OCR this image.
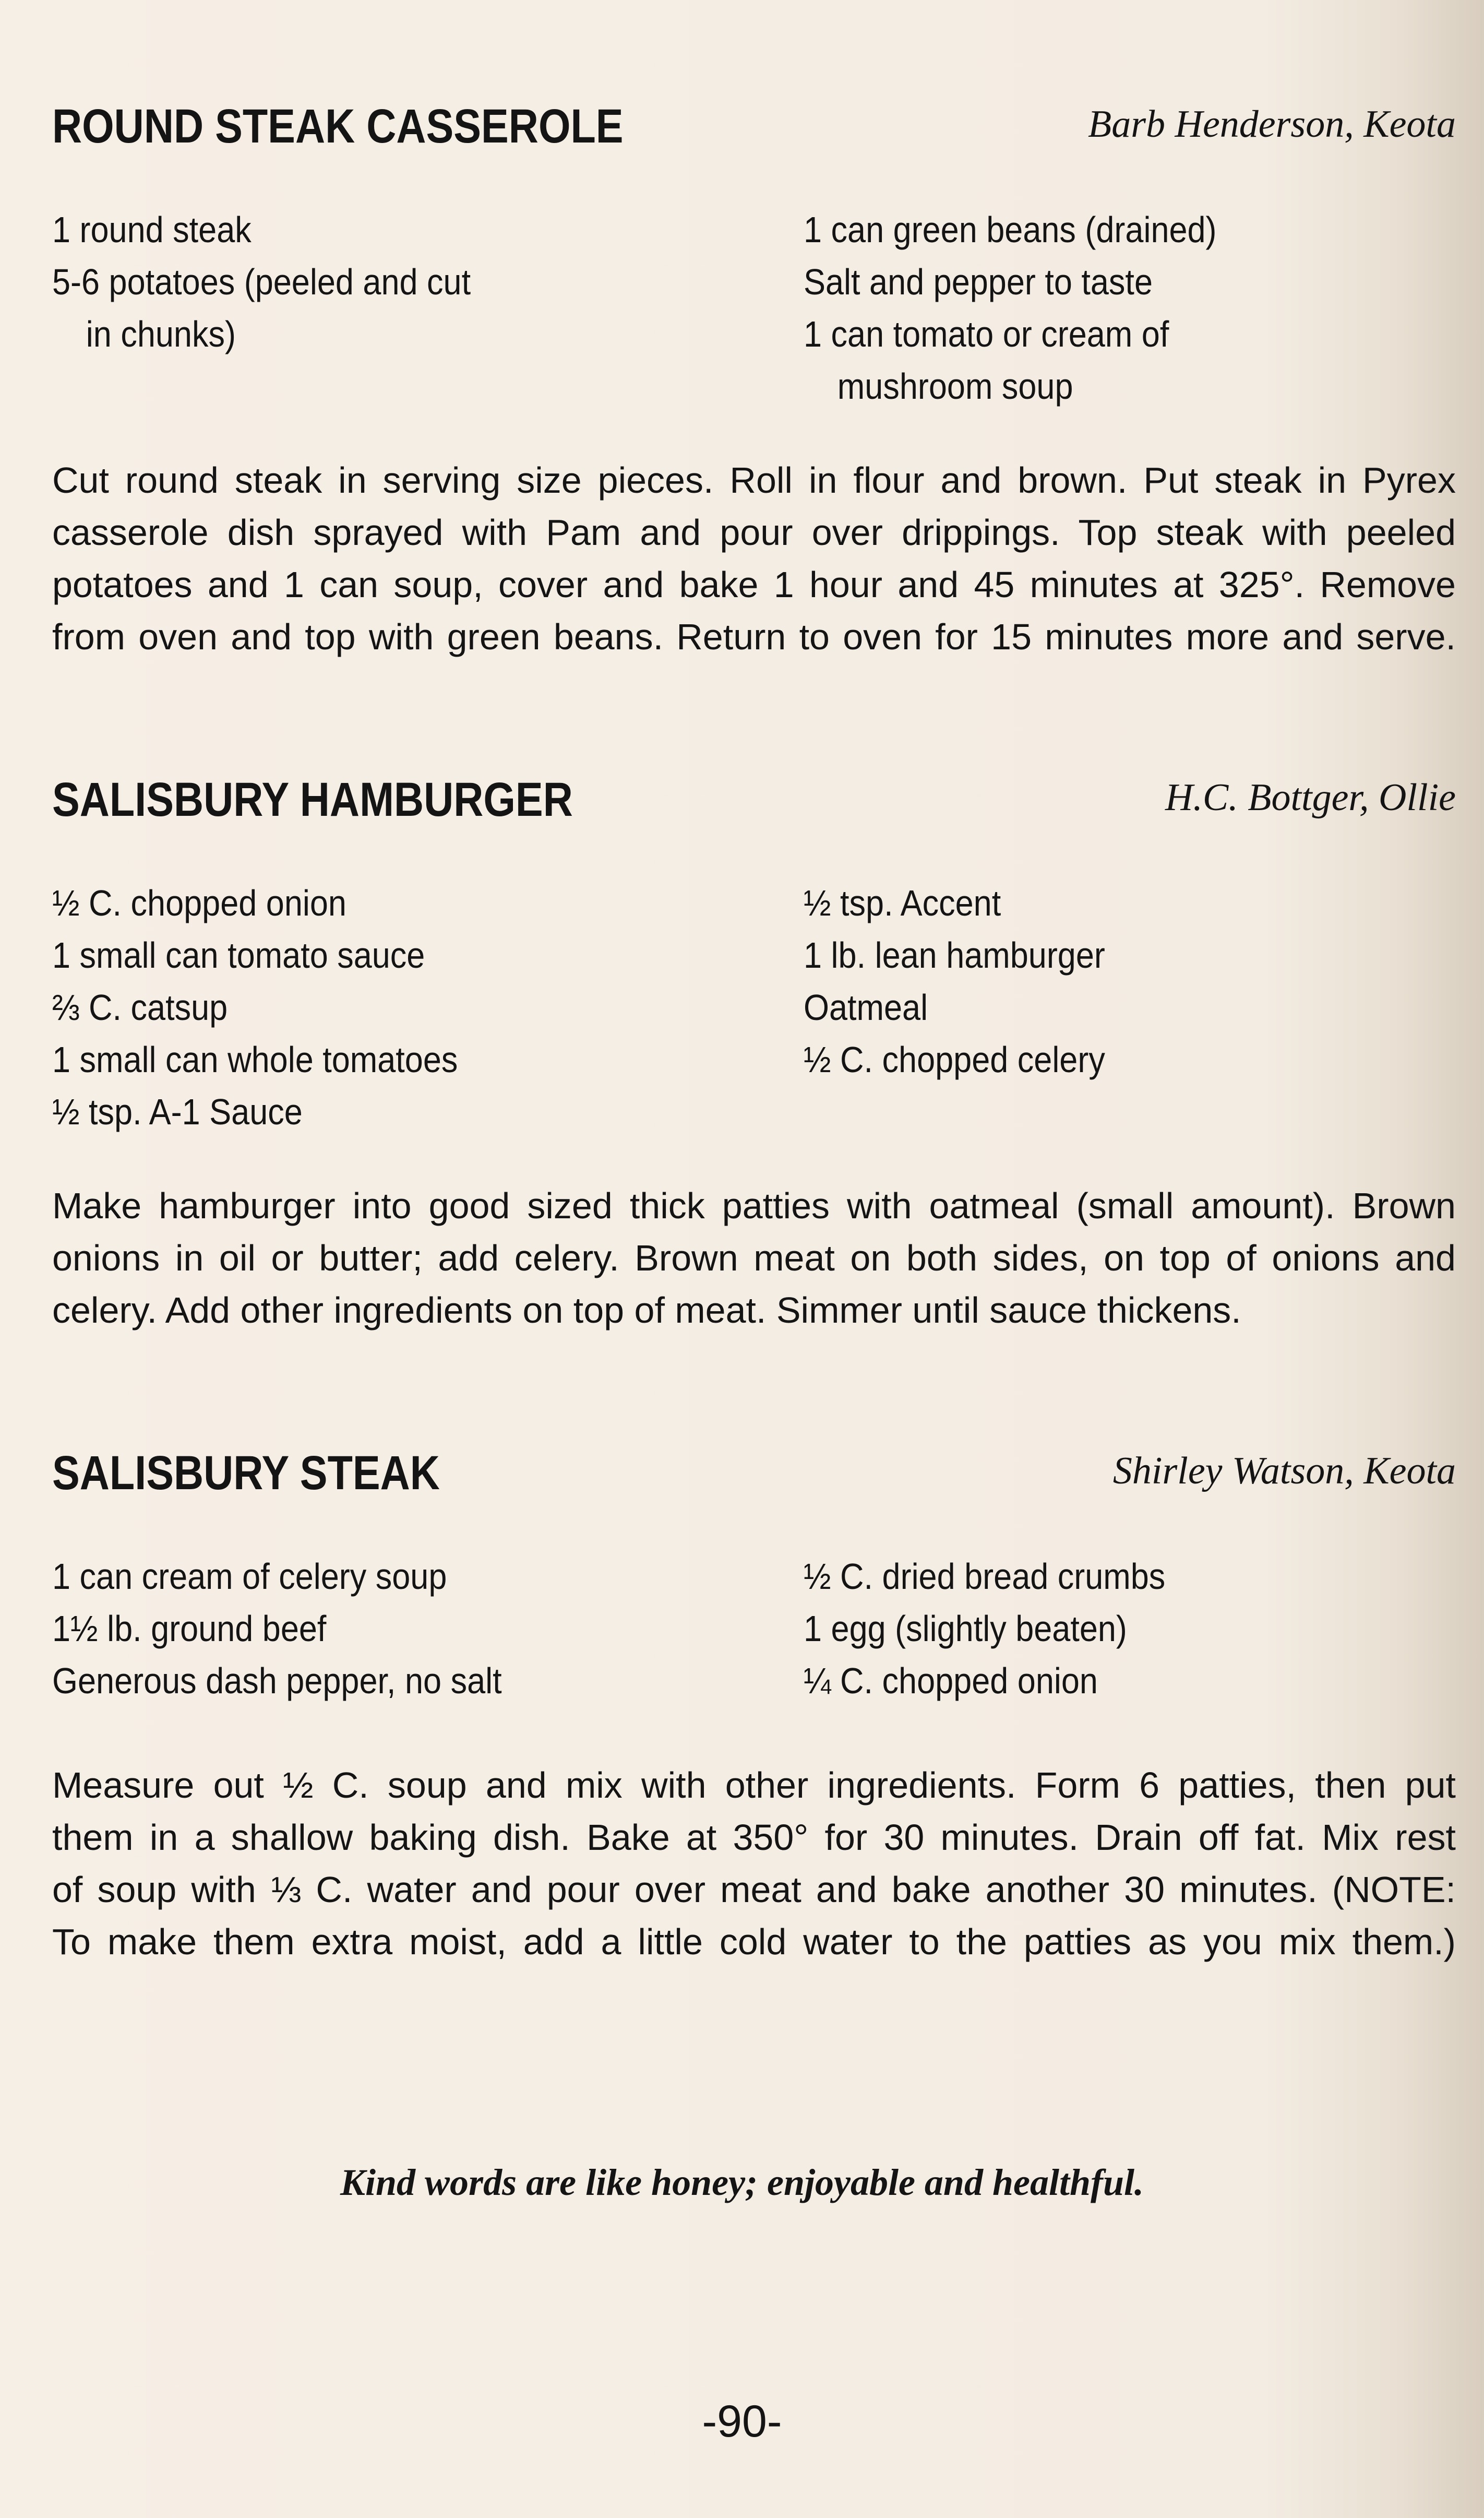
ROUND STEAK CASSEROLE	Barb Henderson, Keota
1 round steak
5-6 potatoes (peeled and cut
in chunks)
1 can green beans (drained)
Salt and pepper to taste
1 can tomato or cream of
mushroom soup
Cut round steak in serving size pieces. Roll in flour and brown. Put steak in Pyrex
casserole dish sprayed with Pam and pour over drippings. Top steak with peeled
potatoes and 1 can soup, cover and bake 1 hour and 45 minutes at 325°. Remove
from oven and top with green beans. Return to oven for 15 minutes more and serve.
SALISBURY HAMBURGER	H.C. Bottger, Ollie
½ C. chopped onion
1 small can tomato sauce
⅔ C. catsup
1 small can whole tomatoes
½ tsp. A-1 Sauce
½ tsp. Accent
1 lb. lean hamburger
Oatmeal
½ C. chopped celery
Make hamburger into good sized thick patties with oatmeal (small amount). Brown
onions in oil or butter; add celery. Brown meat on both sides, on top of onions and
celery. Add other ingredients on top of meat. Simmer until sauce thickens.
SALISBURY STEAK	Shirley Watson, Keota
1 can cream of celery soup
1½ lb. ground beef
Generous dash pepper, no salt
½ C. dried bread crumbs
1 egg (slightly beaten)
¼ C. chopped onion
Measure out ½ C. soup and mix with other ingredients. Form 6 patties, then put
them in a shallow baking dish. Bake at 350° for 30 minutes. Drain off fat. Mix rest
of soup with ⅓ C. water and pour over meat and bake another 30 minutes. (NOTE:
To make them extra moist, add a little cold water to the patties as you mix them.)
Kind words are like honey; enjoyable and healthful.
-90-
